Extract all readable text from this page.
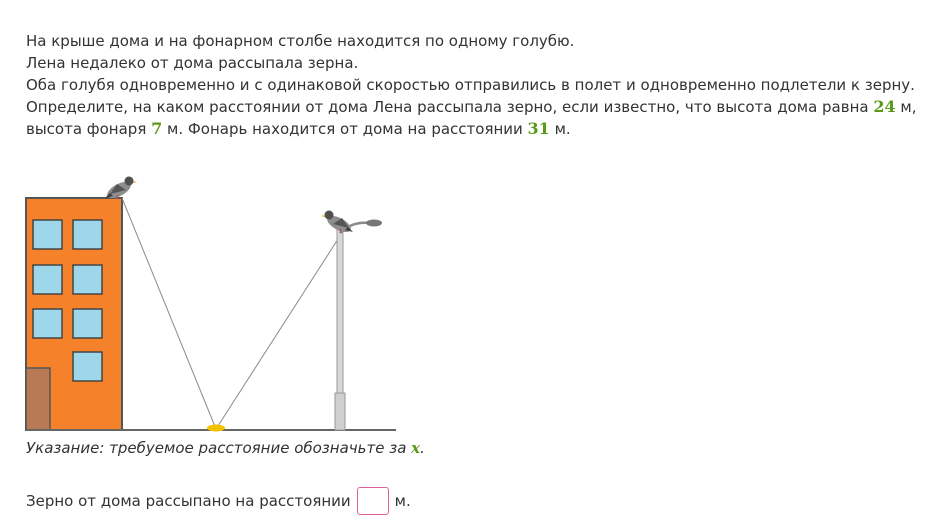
На крыше дома и на фонарном столбе находится по одному голубю.
Лена недалеко от дома рассыпала зерна.
Оба голубя одновременно и с одинаковой скоростью отправились в полет и одновременно подлетели к зерну.
Определите, на каком расстоянии от дома Лена рассыпала зерно, если известно, что высота дома равна 24 м,
высота фонаря 7 м. Фонарь находится от дома на расстоянии 31 м.
Указание: требуемое расстояние обозначьте за x.
Зерно от дома рассыпано на расстоянии	м.
